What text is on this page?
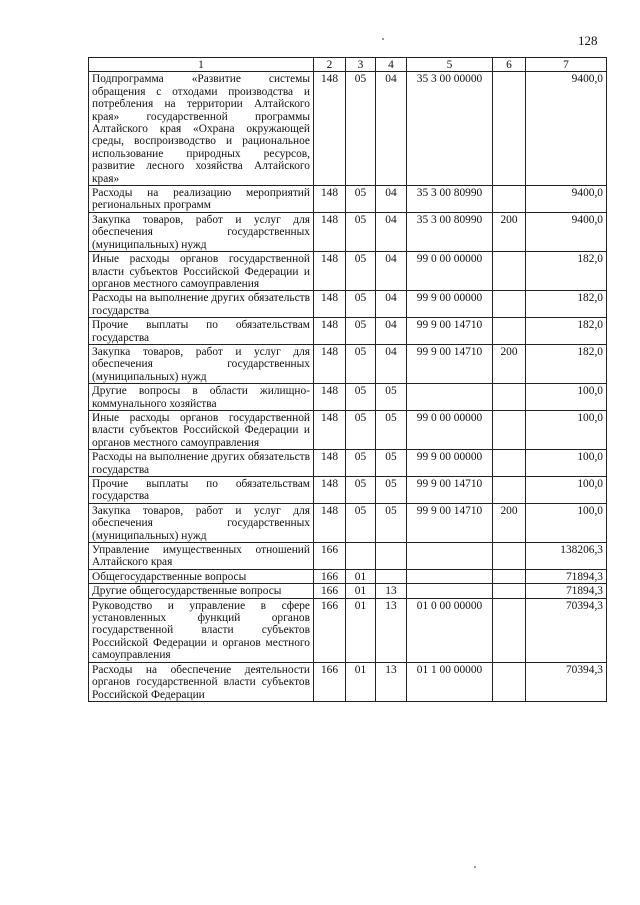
128
1	2	3	4	5	6	7
Подпрограмма «Развитие системы обращения с отходами производства и потребления на территории Алтайского края» государственной программы Алтайского края «Охрана окружающей среды, воспроизводство и рациональное использование природных ресурсов, развитие лесного хозяйства Алтайского края»	148	05	04	35 3 00 00000		9400,0
Расходы на реализацию мероприятий региональных программ	148	05	04	35 3 00 80990		9400,0
Закупка товаров, работ и услуг для обеспечения государственных (муниципальных) нужд	148	05	04	35 3 00 80990	200	9400,0
Иные расходы органов государственной власти субъектов Российской Федерации и органов местного самоуправления	148	05	04	99 0 00 00000		182,0
Расходы на выполнение других обязательств государства	148	05	04	99 9 00 00000		182,0
Прочие выплаты по обязательствам государства	148	05	04	99 9 00 14710		182,0
Закупка товаров, работ и услуг для обеспечения государственных (муниципальных) нужд	148	05	04	99 9 00 14710	200	182,0
Другие вопросы в области жилищно-коммунального хозяйства	148	05	05			100,0
Иные расходы органов государственной власти субъектов Российской Федерации и органов местного самоуправления	148	05	05	99 0 00 00000		100,0
Расходы на выполнение других обязательств государства	148	05	05	99 9 00 00000		100,0
Прочие выплаты по обязательствам государства	148	05	05	99 9 00 14710		100,0
Закупка товаров, работ и услуг для обеспечения государственных (муниципальных) нужд	148	05	05	99 9 00 14710	200	100,0
Управление имущественных отношений Алтайского края	166					138206,3
Общегосударственные вопросы	166	01				71894,3
Другие общегосударственные вопросы	166	01	13			71894,3
Руководство и управление в сфере установленных функций органов государственной власти субъектов Российской Федерации и органов местного самоуправления	166	01	13	01 0 00 00000		70394,3
Расходы на обеспечение деятельности органов государственной власти субъектов Российской Федерации	166	01	13	01 1 00 00000		70394,3
